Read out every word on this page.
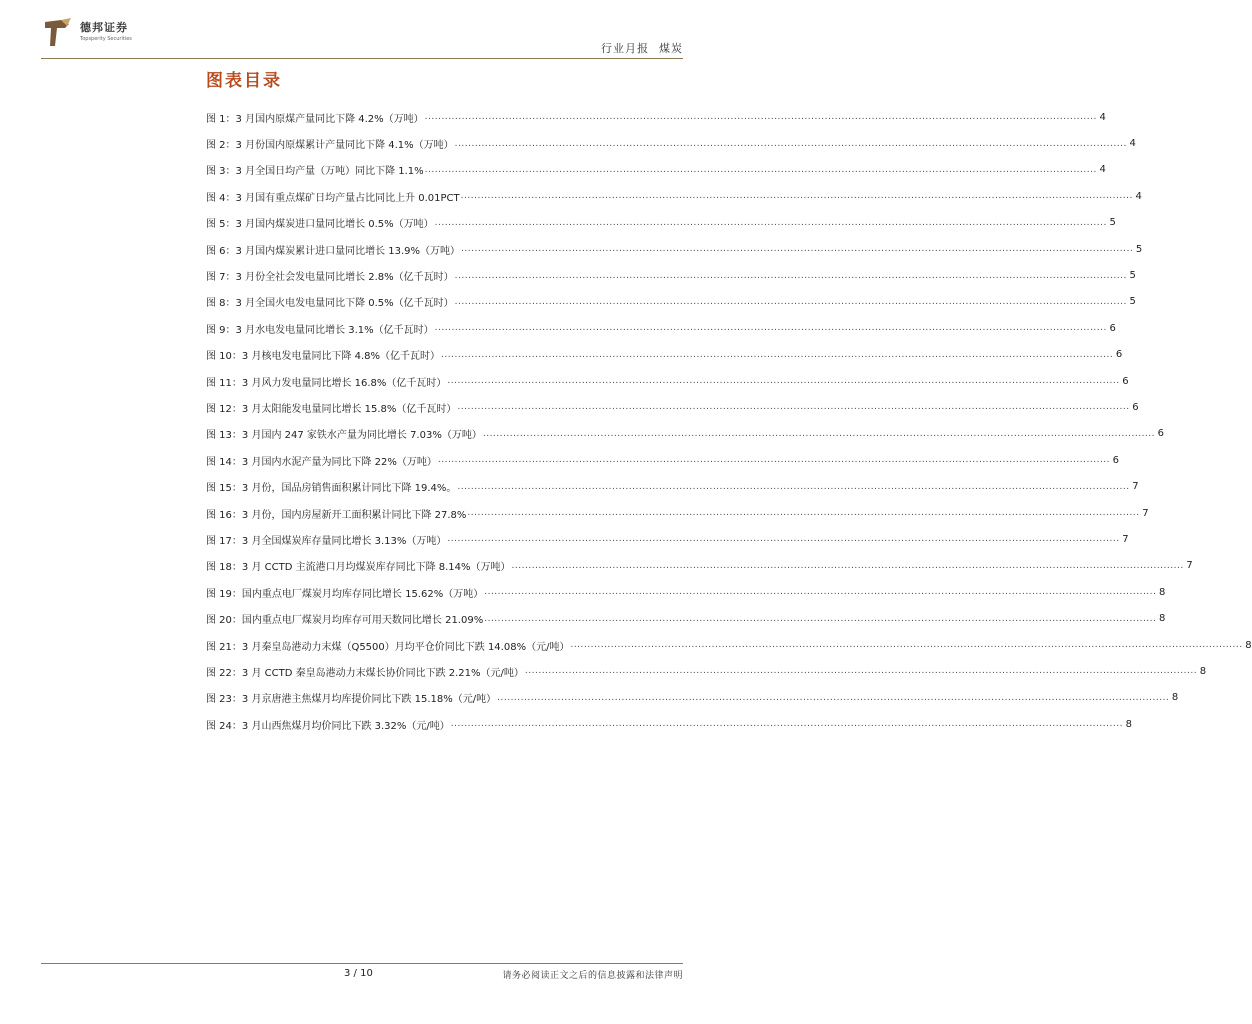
德邦证券
Topsperity Securities
行业月报 煤炭
图表目录
图 1：3 月国内原煤产量同比下降 4.2%（万吨） ........................................................................................................................................................................................................ 4
图 2：3 月份国内原煤累计产量同比下降 4.1%（万吨） ........................................................................................................................................................................................................ 4
图 3：3 月全国日均产量（万吨）同比下降 1.1% ........................................................................................................................................................................................................ 4
图 4：3 月国有重点煤矿日均产量占比同比上升 0.01PCT ........................................................................................................................................................................................................ 4
图 5：3 月国内煤炭进口量同比增长 0.5%（万吨） ........................................................................................................................................................................................................ 5
图 6：3 月国内煤炭累计进口量同比增长 13.9%（万吨） ........................................................................................................................................................................................................ 5
图 7：3 月份全社会发电量同比增长 2.8%（亿千瓦时） ........................................................................................................................................................................................................ 5
图 8：3 月全国火电发电量同比下降 0.5%（亿千瓦时） ........................................................................................................................................................................................................ 5
图 9：3 月水电发电量同比增长 3.1%（亿千瓦时） ........................................................................................................................................................................................................ 6
图 10：3 月核电发电量同比下降 4.8%（亿千瓦时） ........................................................................................................................................................................................................ 6
图 11：3 月风力发电量同比增长 16.8%（亿千瓦时） ........................................................................................................................................................................................................ 6
图 12：3 月太阳能发电量同比增长 15.8%（亿千瓦时） ........................................................................................................................................................................................................ 6
图 13：3 月国内 247 家铁水产量为同比增长 7.03%（万吨） ........................................................................................................................................................................................................ 6
图 14：3 月国内水泥产量为同比下降 22%（万吨） ........................................................................................................................................................................................................ 6
图 15：3 月份，国品房销售面积累计同比下降 19.4%。 ........................................................................................................................................................................................................ 7
图 16：3 月份，国内房屋新开工面积累计同比下降 27.8% ........................................................................................................................................................................................................ 7
图 17：3 月全国煤炭库存量同比增长 3.13%（万吨） ........................................................................................................................................................................................................ 7
图 18：3 月 CCTD 主流港口月均煤炭库存同比下降 8.14%（万吨） ........................................................................................................................................................................................................ 7
图 19：国内重点电厂煤炭月均库存同比增长 15.62%（万吨） ........................................................................................................................................................................................................ 8
图 20：国内重点电厂煤炭月均库存可用天数同比增长 21.09% ........................................................................................................................................................................................................ 8
图 21：3 月秦皇岛港动力末煤（Q5500）月均平仓价同比下跌 14.08%（元/吨） ........................................................................................................................................................................................................ 8
图 22：3 月 CCTD 秦皇岛港动力末煤长协价同比下跌 2.21%（元/吨） ........................................................................................................................................................................................................ 8
图 23：3 月京唐港主焦煤月均库提价同比下跌 15.18%（元/吨） ........................................................................................................................................................................................................ 8
图 24：3 月山西焦煤月均价同比下跌 3.32%（元/吨） ........................................................................................................................................................................................................ 8
3 / 10	请务必阅读正文之后的信息披露和法律声明
